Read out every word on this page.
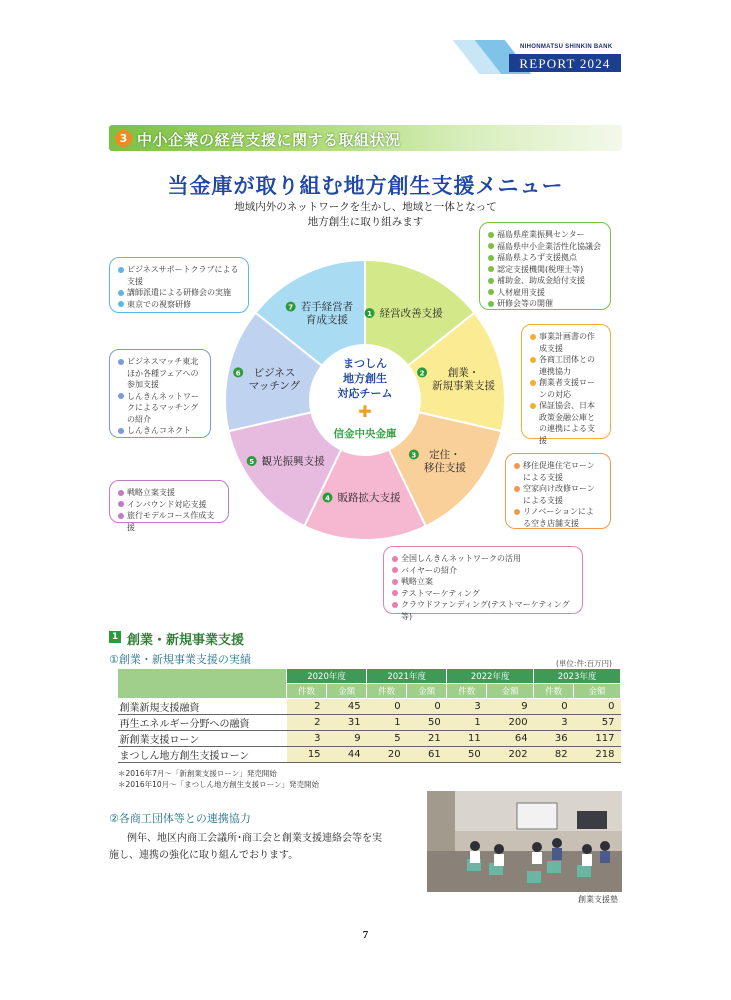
NIHONMATSU SHINKIN BANK
REPORT 2024
3 中小企業の経営支援に関する取組状況
当金庫が取り組む地方創生支援メニュー
地域内外のネットワークを生かし、地域と一体となって
地方創生に取り組みます
1 経営改善支援
2	創業・新規事業支援
3	定住・移住支援
4 販路拡大支援
5 観光振興支援
6	ビジネスマッチング
7 若手経営者育成支援
まつしん
地方創生
対応チーム
✚
信金中央金庫
福島県産業振興センター
福島県中小企業活性化協議会
福島県よろず支援拠点
認定支援機関(税理士等)
補助金、助成金給付支援
人材雇用支援
研修会等の開催
事業計画書の作成支援
各商工団体との連携協力
創業者支援ローンの対応
保証協会、日本政策金融公庫との連携による支援
移住促進住宅ローンによる支援
空家向け改修ローンによる支援
リノベーションによる空き店舗支援
全国しんきんネットワークの活用
バイヤーの紹介
戦略立案
テストマーケティング
クラウドファンディング(テストマーケティング等)
戦略立案支援
インバウンド対応支援
旅行モデルコース作成支援
ビジネスマッチ東北ほか各種フェアへの参加支援
しんきんネットワークによるマッチングの紹介
しんきんコネクト
ビジネスサポートクラブによる支援
講師派遣による研修会の実施
東京での視察研修
1 創業・新規事業支援
①創業・新規事業支援の実績	(単位:件:百万円)
	2020年度		2021年度		2022年度		2023年度	
	件数	金額	件数	金額	件数	金額	件数	金額
創業新規支援融資	2	45	0	0	3	9	0	0
再生エネルギー分野への融資	2	31	1	50	1	200	3	57
新創業支援ローン	3	9	5	21	11	64	36	117
まつしん地方創生支援ローン	15	44	20	61	50	202	82	218
＊2016年7月～「新創業支援ローン」発売開始
＊2016年10月～「まつしん地方創生支援ローン」発売開始
②各商工団体等との連携協力
例年、地区内商工会議所･商工会と創業支援連絡会等を実
施し、連携の強化に取り組んでおります。
創業支援塾
7
